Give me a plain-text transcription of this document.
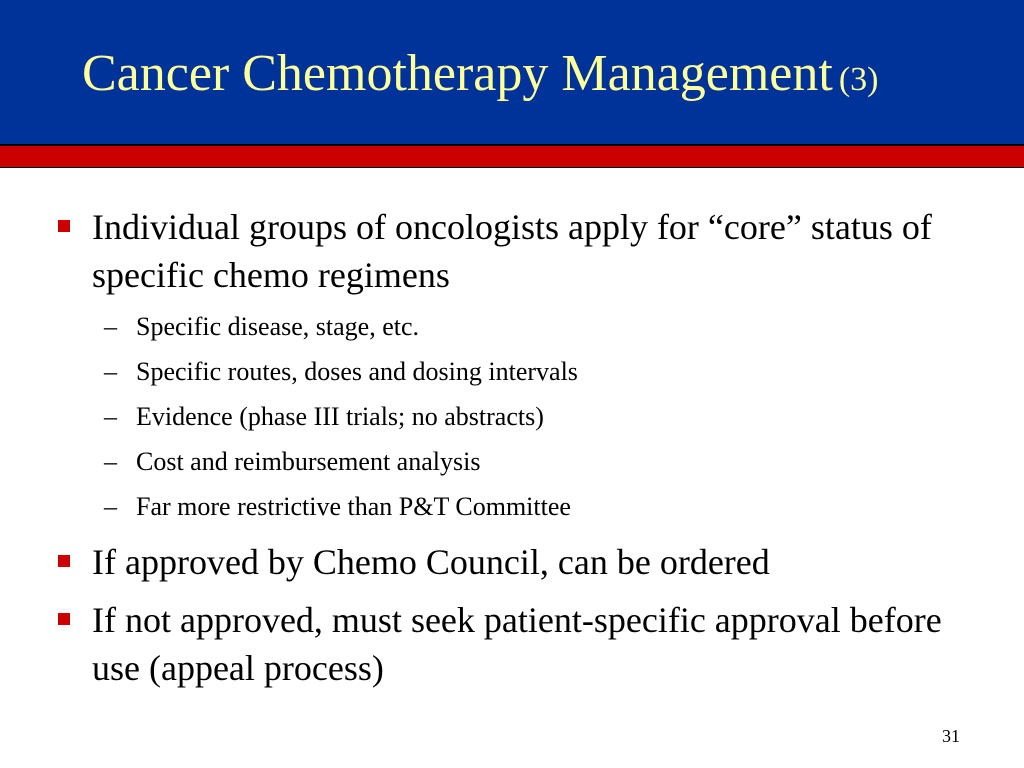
Cancer Chemotherapy Management (3)
Individual groups of oncologists apply for “core” status of specific chemo regimens
– Specific disease, stage, etc.
– Specific routes, doses and dosing intervals
– Evidence (phase III trials; no abstracts)
– Cost and reimbursement analysis
– Far more restrictive than P&T Committee
If approved by Chemo Council, can be ordered
If not approved, must seek patient-specific approval before use (appeal process)
31
